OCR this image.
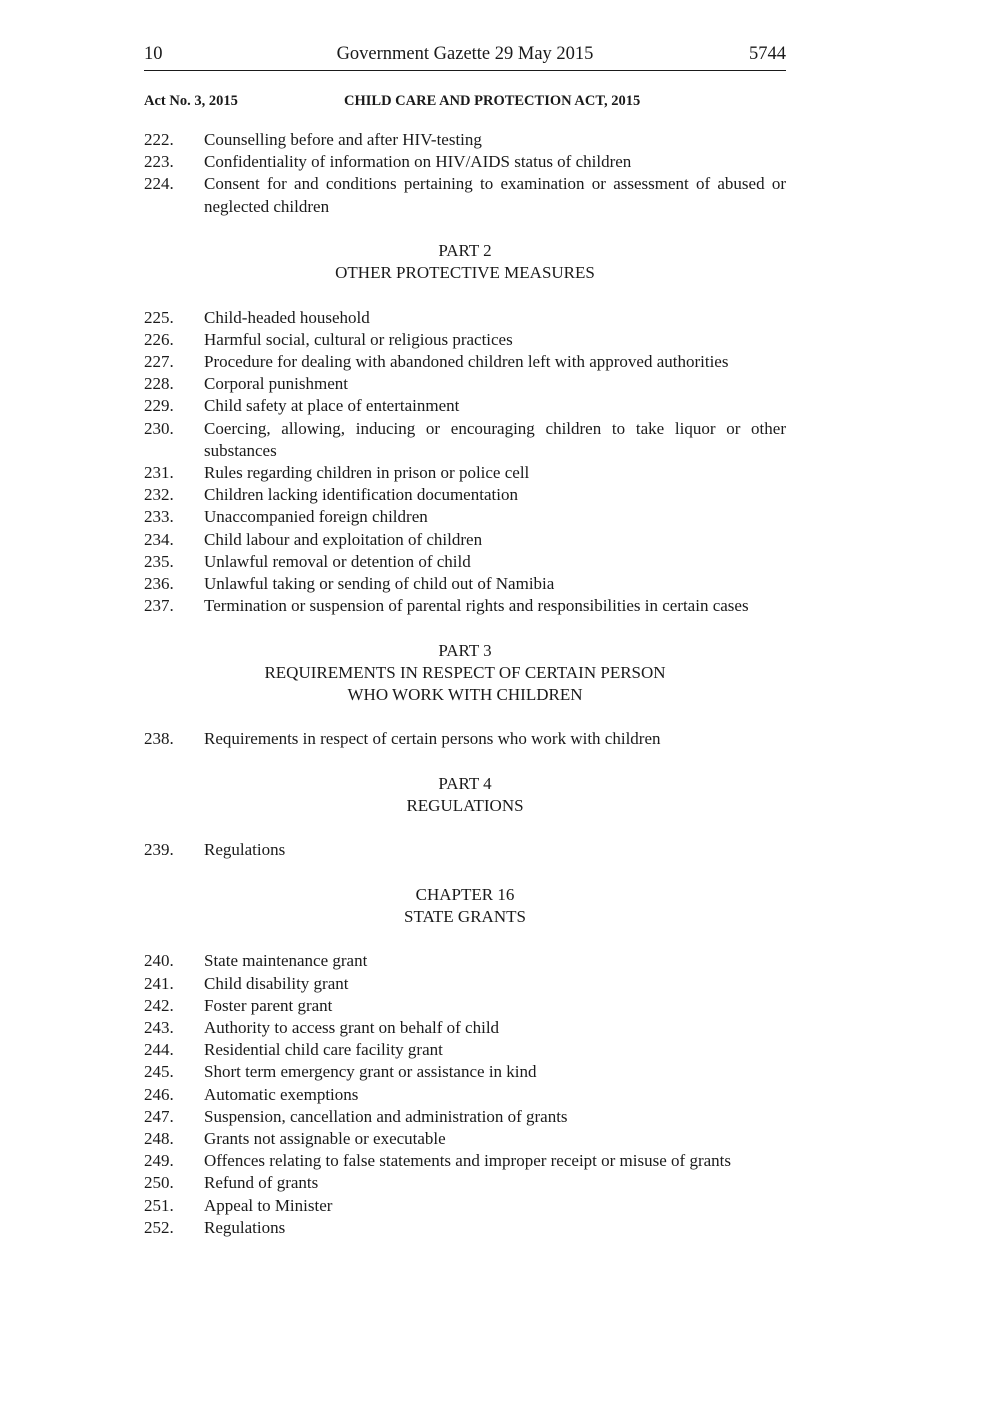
10	Government Gazette 29 May 2015	5744
Act No. 3, 2015	CHILD CARE AND PROTECTION ACT, 2015
222.	Counselling before and after HIV-testing
223.	Confidentiality of information on HIV/AIDS status of children
224.	Consent for and conditions pertaining to examination or assessment of abused or neglected children
PART 2
OTHER PROTECTIVE MEASURES
225.	Child-headed household
226.	Harmful social, cultural or religious practices
227.	Procedure for dealing with abandoned children left with approved authorities
228.	Corporal punishment
229.	Child safety at place of entertainment
230.	Coercing, allowing, inducing or encouraging children to take liquor or other substances
231.	Rules regarding children in prison or police cell
232.	Children lacking identification documentation
233.	Unaccompanied foreign children
234.	Child labour and exploitation of children
235.	Unlawful removal or detention of child
236.	Unlawful taking or sending of child out of Namibia
237.	Termination or suspension of parental rights and responsibilities in certain cases
PART 3
REQUIREMENTS IN RESPECT OF CERTAIN PERSON
WHO WORK WITH CHILDREN
238.	Requirements in respect of certain persons who work with children
PART 4
REGULATIONS
239.	Regulations
CHAPTER 16
STATE GRANTS
240.	State maintenance grant
241.	Child disability grant
242.	Foster parent grant
243.	Authority to access grant on behalf of child
244.	Residential child care facility grant
245.	Short term emergency grant or assistance in kind
246.	Automatic exemptions
247.	Suspension, cancellation and administration of grants
248.	Grants not assignable or executable
249.	Offences relating to false statements and improper receipt or misuse of grants
250.	Refund of grants
251.	Appeal to Minister
252.	Regulations
